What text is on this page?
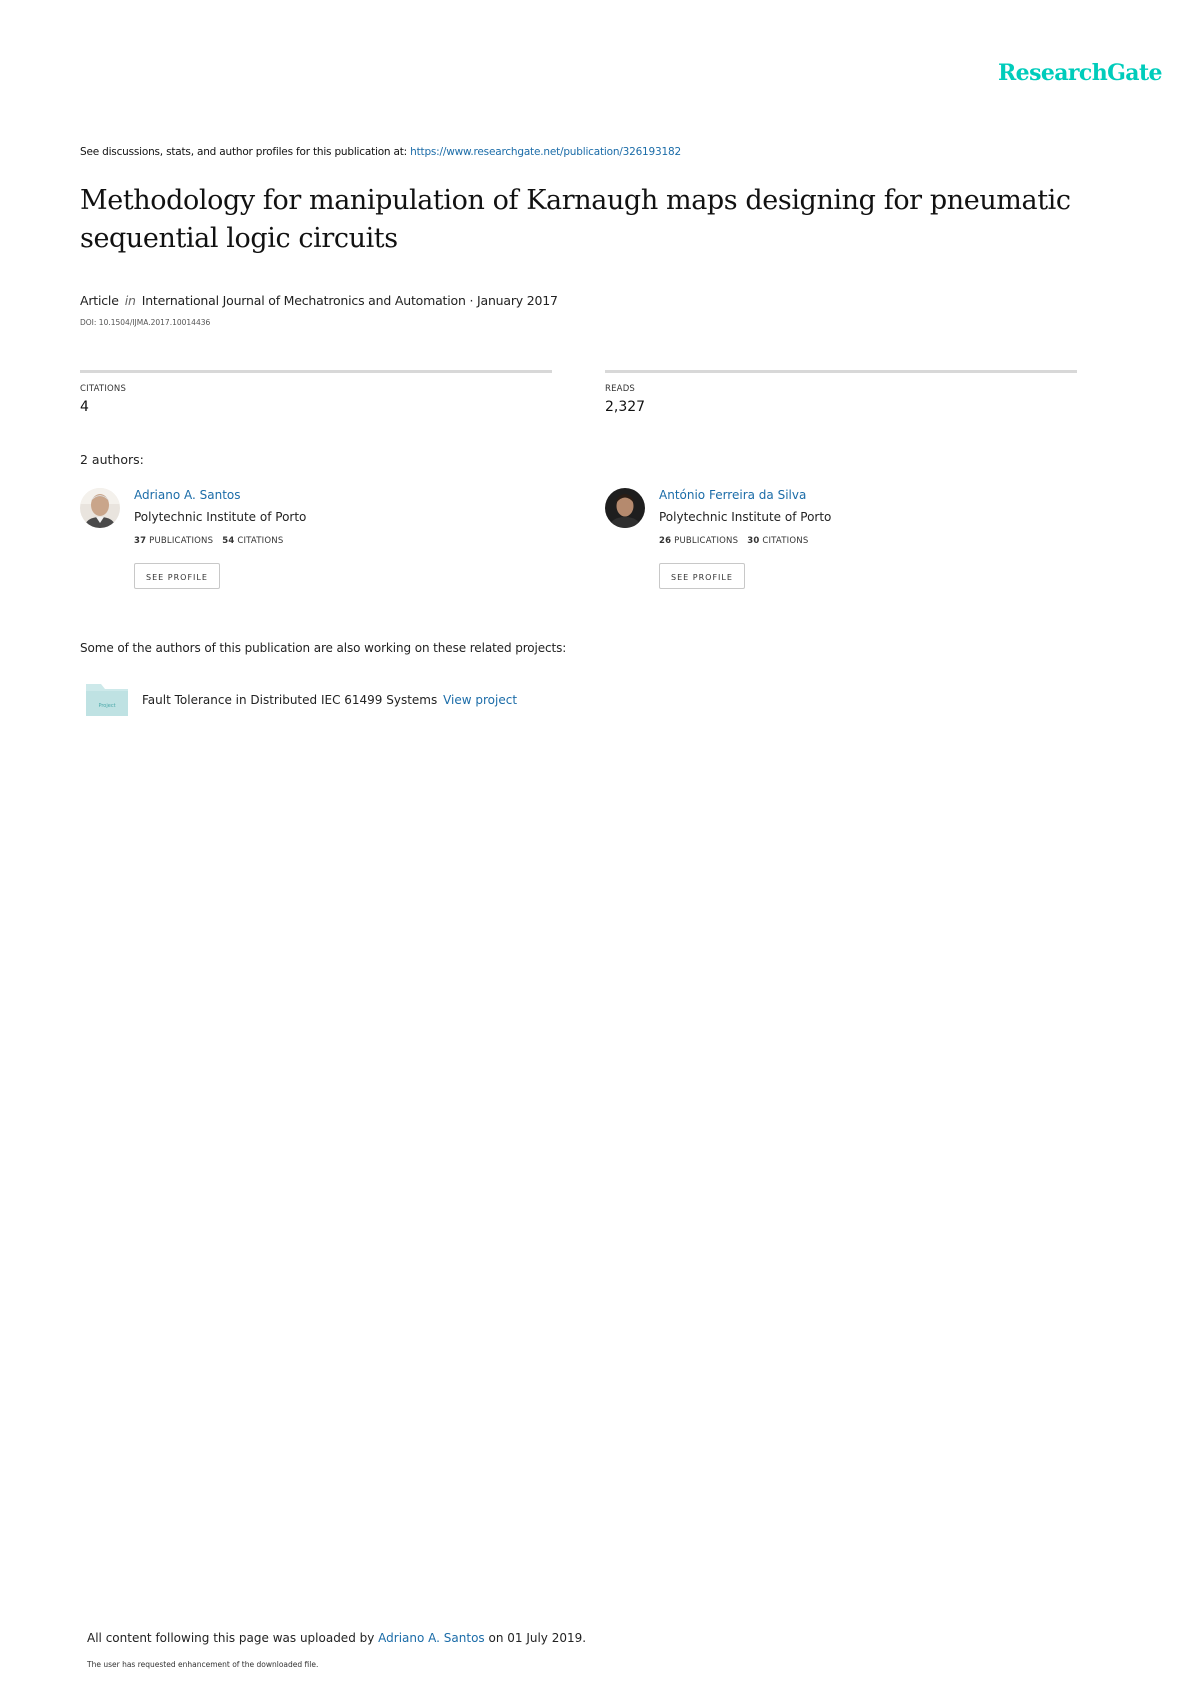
ResearchGate
See discussions, stats, and author profiles for this publication at: https://www.researchgate.net/publication/326193182
Methodology for manipulation of Karnaugh maps designing for pneumatic sequential logic circuits
Article in International Journal of Mechatronics and Automation · January 2017
DOI: 10.1504/IJMA.2017.10014436
CITATIONS
4
READS
2,327
2 authors:
Adriano A. Santos
Polytechnic Institute of Porto
37 PUBLICATIONS 54 CITATIONS
SEE PROFILE
António Ferreira da Silva
Polytechnic Institute of Porto
26 PUBLICATIONS 30 CITATIONS
SEE PROFILE
Some of the authors of this publication are also working on these related projects:
Project Fault Tolerance in Distributed IEC 61499 Systems View project
All content following this page was uploaded by Adriano A. Santos on 01 July 2019.
The user has requested enhancement of the downloaded file.
